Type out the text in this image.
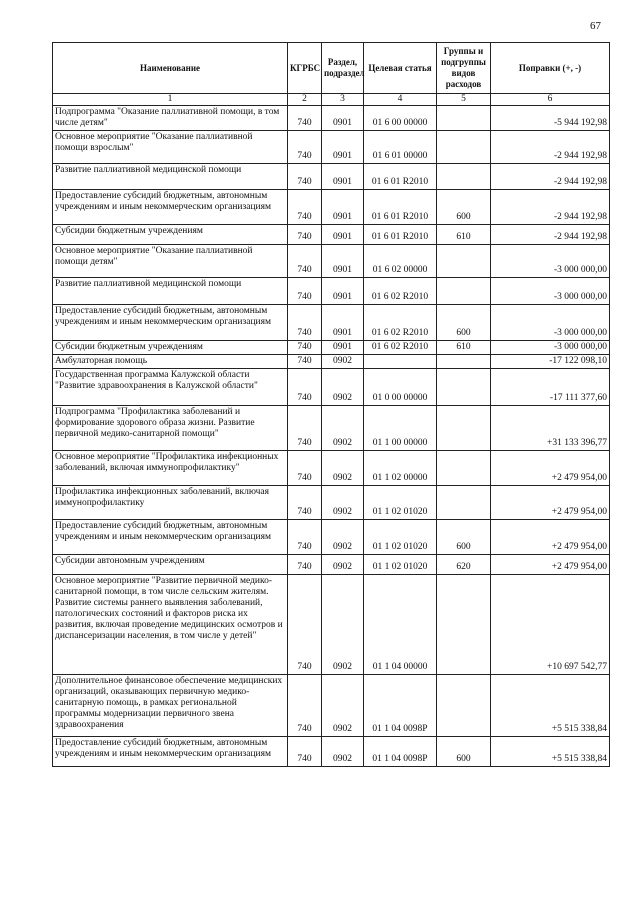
67
Наименование	КГРБС	Раздел, подраздел	Целевая статья	Группы и подгруппы видов расходов	Поправки (+, -)
1	2	3	4	5	6
Подпрограмма "Оказание паллиативной помощи, в том числе детям"	740	0901	01 6 00 00000		-5 944 192,98
Основное мероприятие "Оказание паллиативной помощи взрослым"	740	0901	01 6 01 00000		-2 944 192,98
Развитие паллиативной медицинской помощи	740	0901	01 6 01 R2010		-2 944 192,98
Предоставление субсидий бюджетным, автономным учреждениям и иным некоммерческим организациям	740	0901	01 6 01 R2010	600	-2 944 192,98
Субсидии бюджетным учреждениям	740	0901	01 6 01 R2010	610	-2 944 192,98
Основное мероприятие "Оказание паллиативной помощи детям"	740	0901	01 6 02 00000		-3 000 000,00
Развитие паллиативной медицинской помощи	740	0901	01 6 02 R2010		-3 000 000,00
Предоставление субсидий бюджетным, автономным учреждениям и иным некоммерческим организациям	740	0901	01 6 02 R2010	600	-3 000 000,00
Субсидии бюджетным учреждениям	740	0901	01 6 02 R2010	610	-3 000 000,00
Амбулаторная помощь	740	0902			-17 122 098,10
Государственная программа Калужской области "Развитие здравоохранения в Калужской области"	740	0902	01 0 00 00000		-17 111 377,60
Подпрограмма "Профилактика заболеваний и формирование здорового образа жизни. Развитие первичной медико-санитарной помощи"	740	0902	01 1 00 00000		+31 133 396,77
Основное мероприятие "Профилактика инфекционных заболеваний, включая иммунопрофилактику"	740	0902	01 1 02 00000		+2 479 954,00
Профилактика инфекционных заболеваний, включая иммунопрофилактику	740	0902	01 1 02 01020		+2 479 954,00
Предоставление субсидий бюджетным, автономным учреждениям и иным некоммерческим организациям	740	0902	01 1 02 01020	600	+2 479 954,00
Субсидии автономным учреждениям	740	0902	01 1 02 01020	620	+2 479 954,00
Основное мероприятие "Развитие первичной медико-санитарной помощи, в том числе сельским жителям. Развитие системы раннего выявления заболеваний, патологических состояний и факторов риска их развития, включая проведение медицинских осмотров и диспансеризации населения, в том числе у детей"	740	0902	01 1 04 00000		+10 697 542,77
Дополнительное финансовое обеспечение медицинских организаций, оказывающих первичную медико-санитарную помощь, в рамках региональной программы модернизации первичного звена здравоохранения	740	0902	01 1 04 0098Р		+5 515 338,84
Предоставление субсидий бюджетным, автономным учреждениям и иным некоммерческим организациям	740	0902	01 1 04 0098Р	600	+5 515 338,84
